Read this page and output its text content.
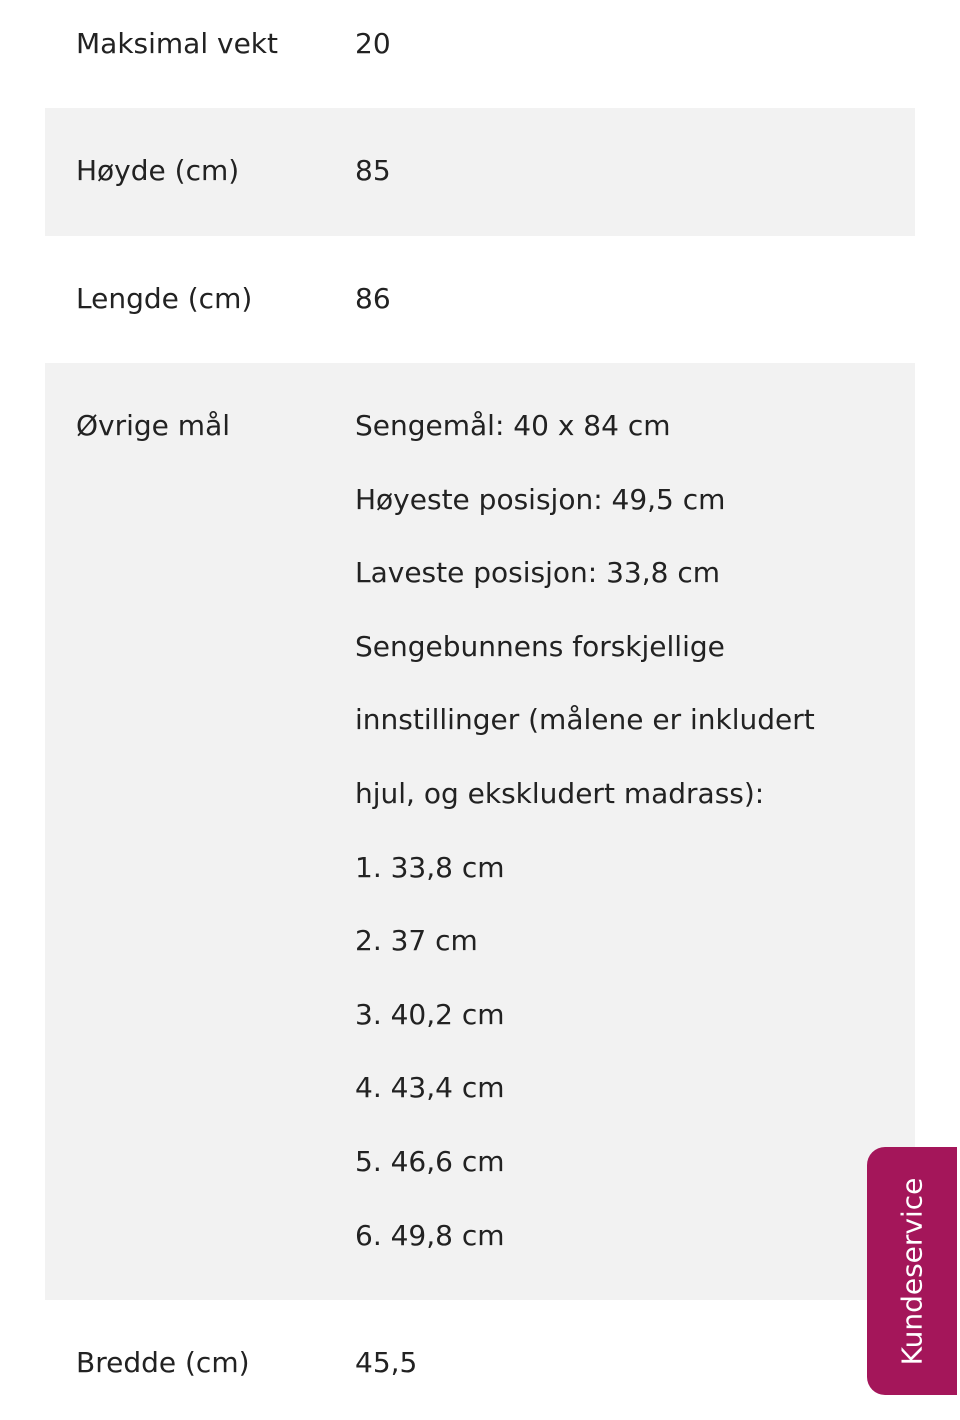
Maksimal vekt	20
Høyde (cm)	85
Lengde (cm)	86
Øvrige mål	Sengemål: 40 x 84 cm
Høyeste posisjon: 49,5 cm
Laveste posisjon: 33,8 cm
Sengebunnens forskjellige
innstillinger (målene er inkludert
hjul, og ekskludert madrass):
1. 33,8 cm
2. 37 cm
3. 40,2 cm
4. 43,4 cm
5. 46,6 cm
6. 49,8 cm
Bredde (cm)	45,5	Kundeservice
